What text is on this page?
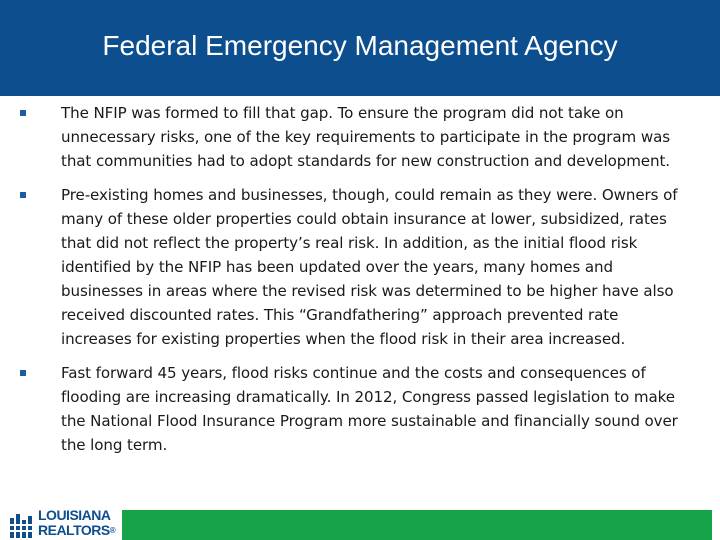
Federal Emergency Management Agency
The NFIP was formed to fill that gap. To ensure the program did not take on unnecessary risks, one of the key requirements to participate in the program was that communities had to adopt standards for new construction and development.
Pre-existing homes and businesses, though, could remain as they were. Owners of many of these older properties could obtain insurance at lower, subsidized, rates that did not reflect the property’s real risk. In addition, as the initial flood risk identified by the NFIP has been updated over the years, many homes and businesses in areas where the revised risk was determined to be higher have also received discounted rates. This “Grandfathering” approach prevented rate increases for existing properties when the flood risk in their area increased.
Fast forward 45 years, flood risks continue and the costs and consequences of flooding are increasing dramatically. In 2012, Congress passed legislation to make the National Flood Insurance Program more sustainable and financially sound over the long term.
LOUISIANA
REALTORS®
